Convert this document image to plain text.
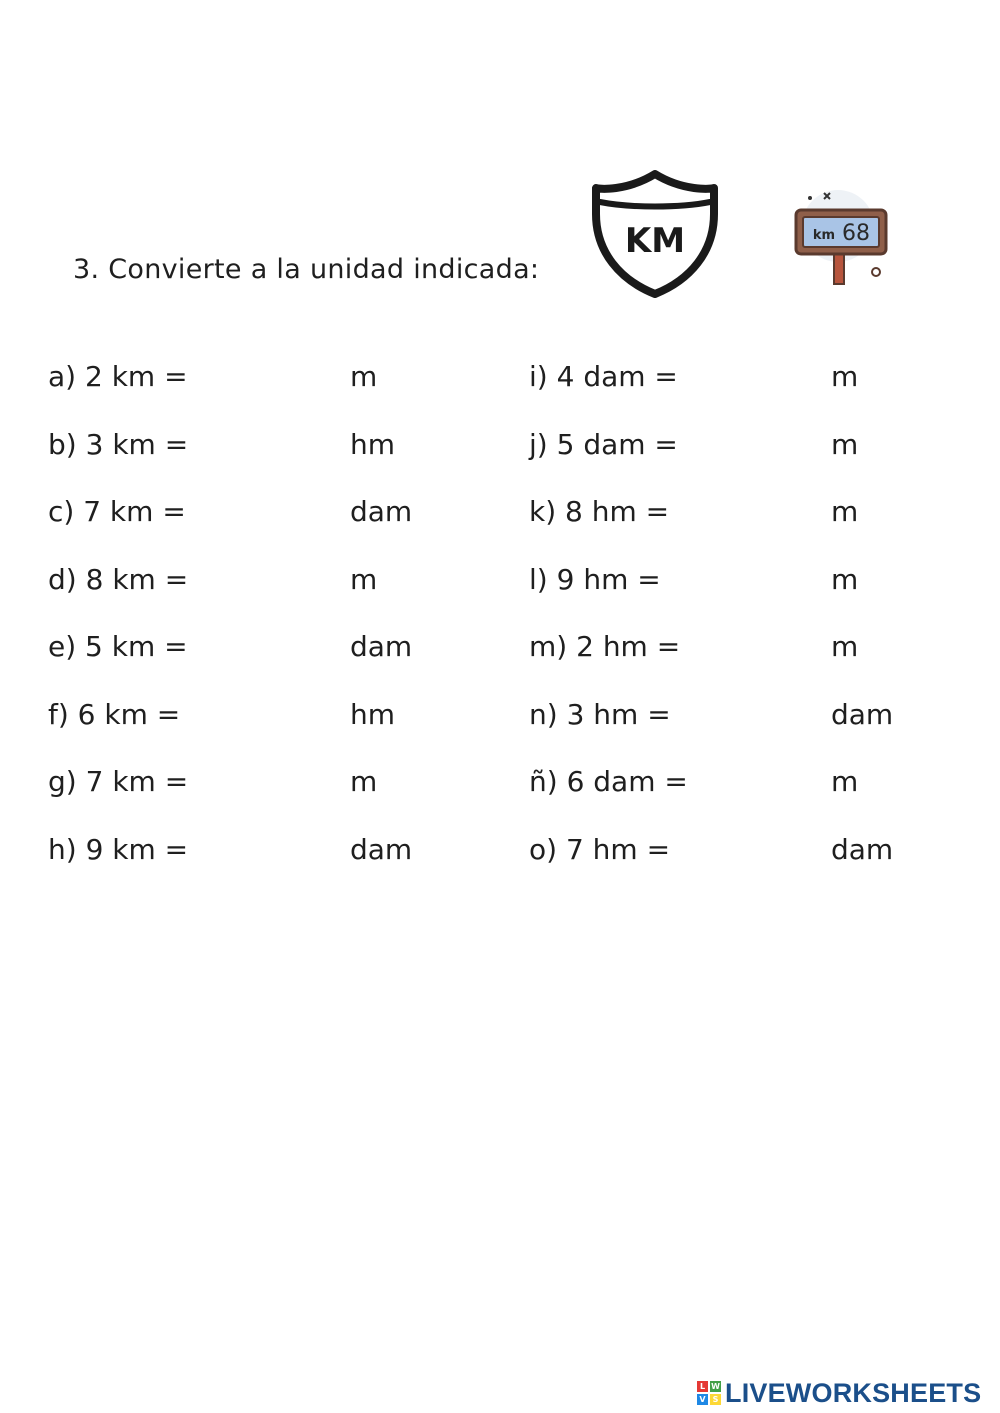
3. Convierte a la unidad indicada:
KM	km 68
a) 2 km =	m
b) 3 km =	hm
c) 7 km =	dam
d) 8 km =	m
e) 5 km =	dam
f) 6 km =	hm
g) 7 km =	m
h) 9 km =	dam
i) 4 dam =	m
j) 5 dam =	m
k) 8 hm =	m
l) 9 hm =	m
m) 2 hm =	m
n) 3 hm =	dam
ñ) 6 dam =	m
o) 7 hm =	dam
L W
V S LIVEWORKSHEETS
